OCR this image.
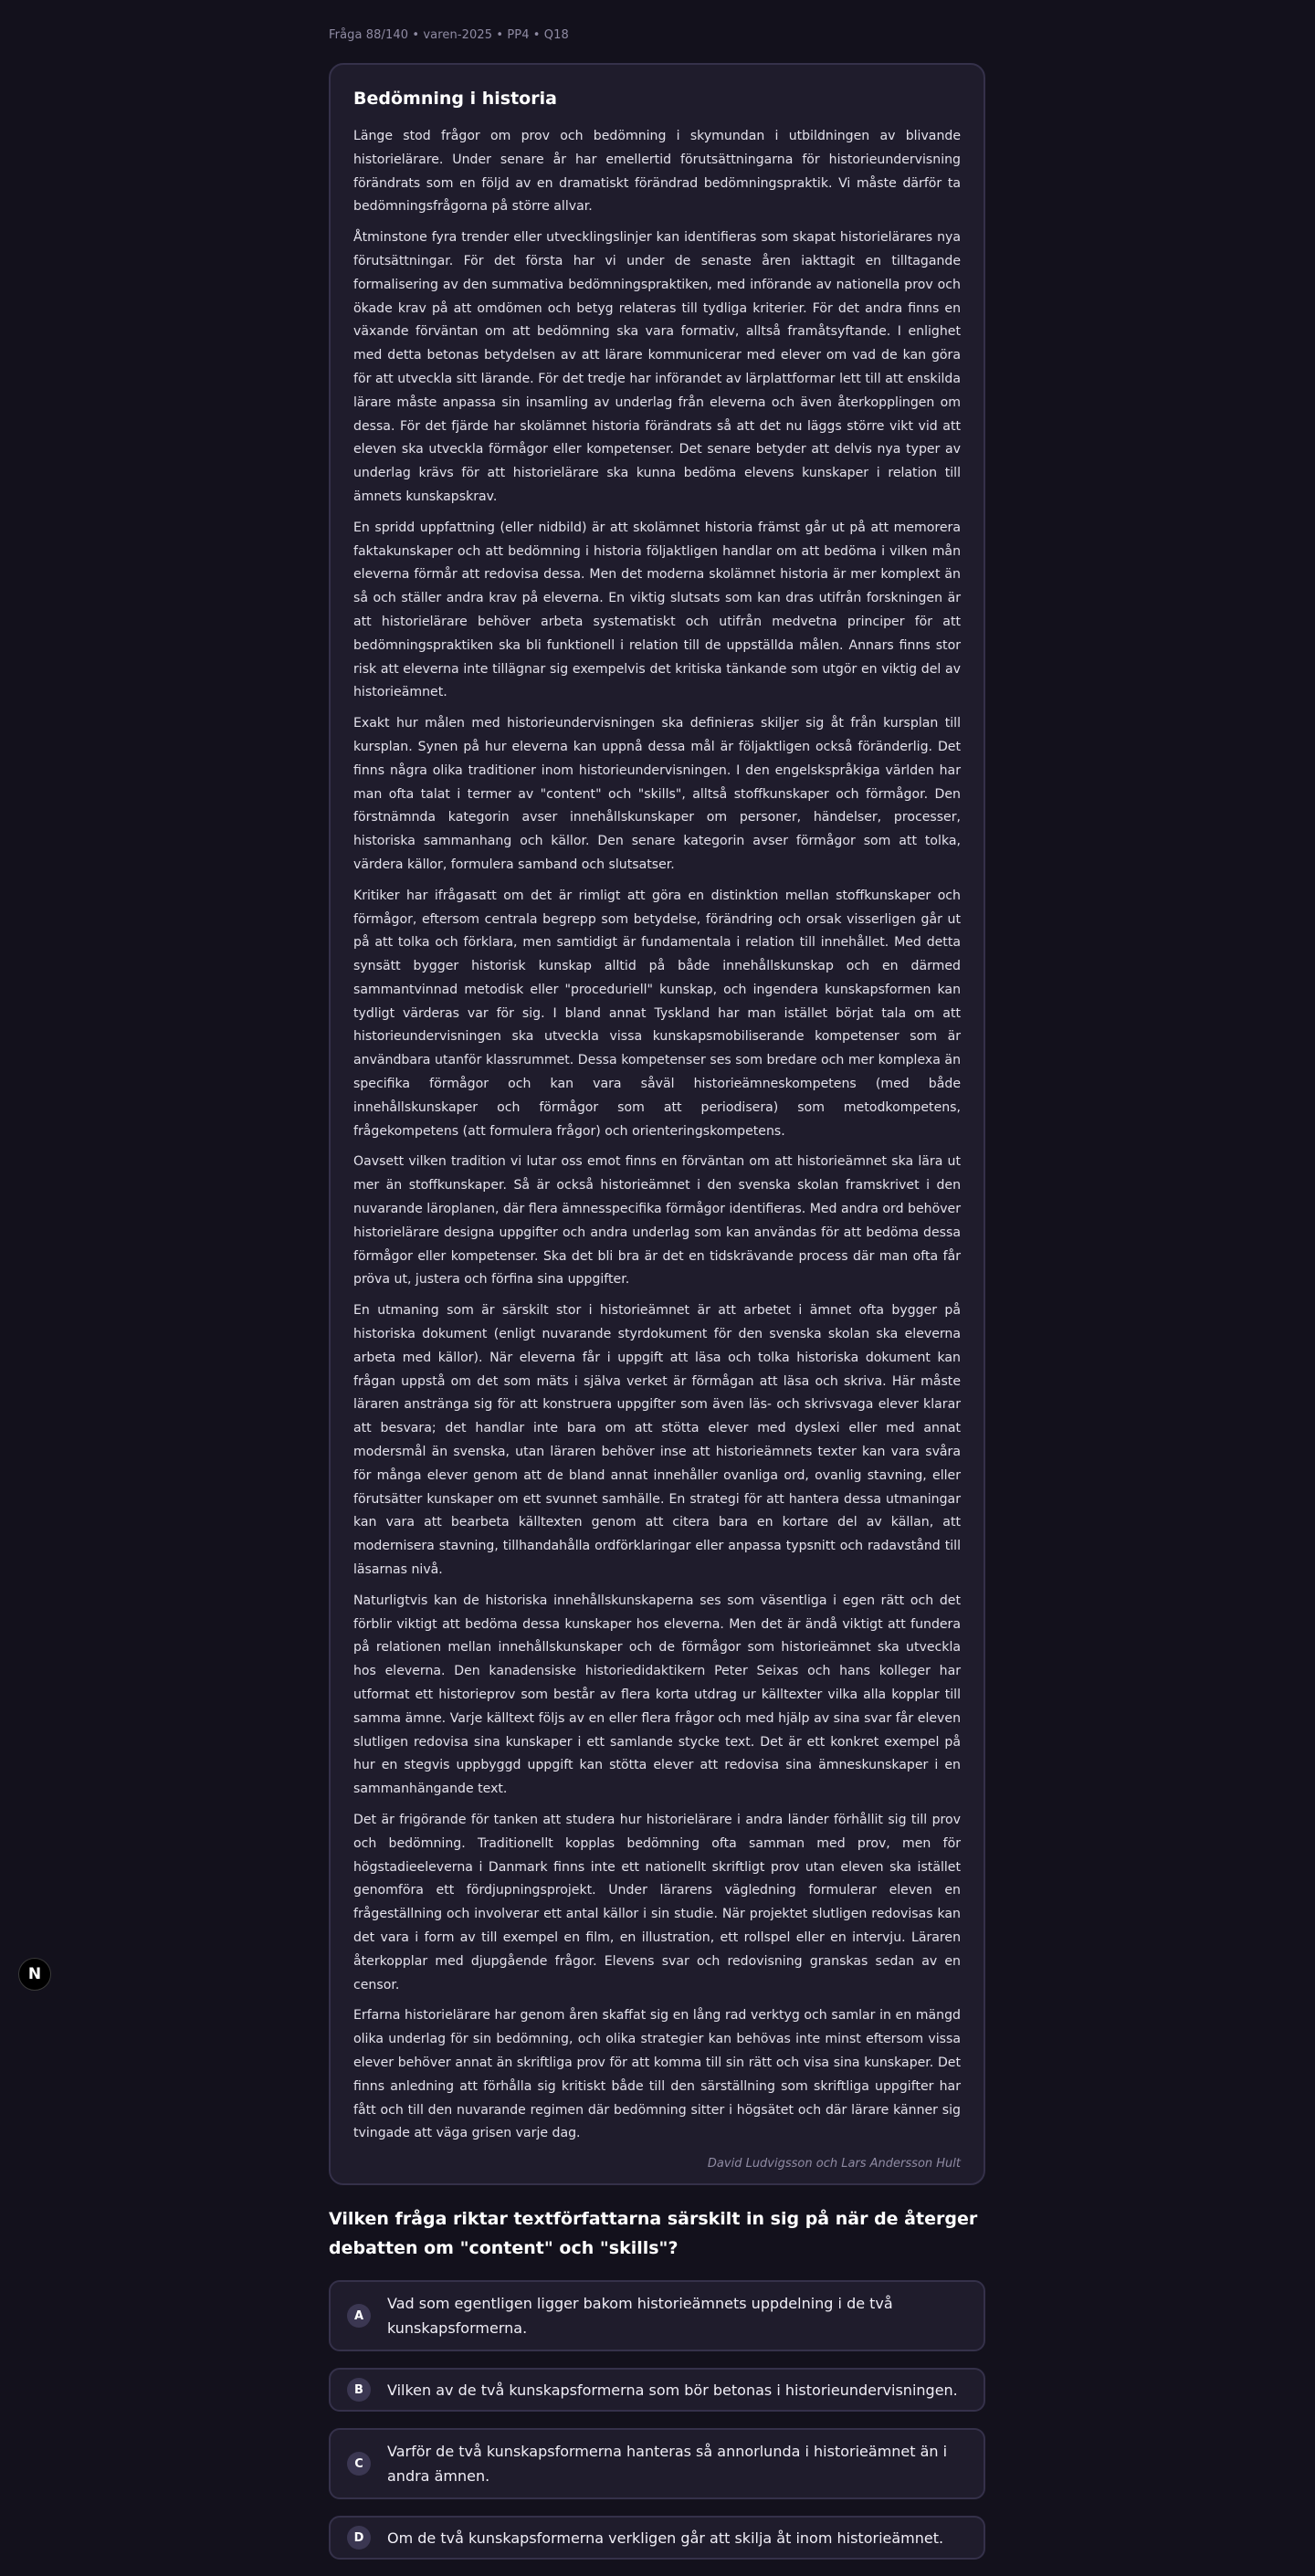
Fråga 88/140 • varen-2025 • PP4 • Q18
Bedömning i historia

Länge stod frågor om prov och bedömning i skymundan i utbildningen av blivande historielärare. Under senare år har emellertid förutsättningarna för historieundervisning förändrats som en följd av en dramatiskt förändrad bedömningspraktik. Vi måste därför ta bedömningsfrågorna på större allvar.

Åtminstone fyra trender eller utvecklingslinjer kan identifieras som skapat historielärares nya förutsättningar. För det första har vi under de senaste åren iakttagit en tilltagande formalisering av den summativa bedömningspraktiken, med införande av nationella prov och ökade krav på att omdömen och betyg relateras till tydliga kriterier. För det andra finns en växande förväntan om att bedömning ska vara formativ, alltså framåtsyftande. I enlighet med detta betonas betydelsen av att lärare kommunicerar med elever om vad de kan göra för att utveckla sitt lärande. För det tredje har införandet av lärplattformar lett till att enskilda lärare måste anpassa sin insamling av underlag från eleverna och även återkopplingen om dessa. För det fjärde har skolämnet historia förändrats så att det nu läggs större vikt vid att eleven ska utveckla förmågor eller kompetenser. Det senare betyder att delvis nya typer av underlag krävs för att historielärare ska kunna bedöma elevens kunskaper i relation till ämnets kunskapskrav.

En spridd uppfattning (eller nidbild) är att skolämnet historia främst går ut på att memorera faktakunskaper och att bedömning i historia följaktligen handlar om att bedöma i vilken mån eleverna förmår att redovisa dessa. Men det moderna skolämnet historia är mer komplext än så och ställer andra krav på eleverna. En viktig slutsats som kan dras utifrån forskningen är att historielärare behöver arbeta systematiskt och utifrån medvetna principer för att bedömningspraktiken ska bli funktionell i relation till de uppställda målen. Annars finns stor risk att eleverna inte tillägnar sig exempelvis det kritiska tänkande som utgör en viktig del av historieämnet.

Exakt hur målen med historieundervisningen ska definieras skiljer sig åt från kursplan till kursplan. Synen på hur eleverna kan uppnå dessa mål är följaktligen också föränderlig. Det finns några olika traditioner inom historieundervisningen. I den engelskspråkiga världen har man ofta talat i termer av "content" och "skills", alltså stoffkunskaper och förmågor. Den förstnämnda kategorin avser innehållskunskaper om personer, händelser, processer, historiska sammanhang och källor. Den senare kategorin avser förmågor som att tolka, värdera källor, formulera samband och slutsatser.

Kritiker har ifrågasatt om det är rimligt att göra en distinktion mellan stoffkunskaper och förmågor, eftersom centrala begrepp som betydelse, förändring och orsak visserligen går ut på att tolka och förklara, men samtidigt är fundamentala i relation till innehållet. Med detta synsätt bygger historisk kunskap alltid på både innehållskunskap och en därmed sammantvinnad metodisk eller "proceduriell" kunskap, och ingendera kunskapsformen kan tydligt värderas var för sig. I bland annat Tyskland har man istället börjat tala om att historieundervisningen ska utveckla vissa kunskapsmobiliserande kompetenser som är användbara utanför klassrummet. Dessa kompetenser ses som bredare och mer komplexa än specifika förmågor och kan vara såväl historieämneskompetens (med både innehållskunskaper och förmågor som att periodisera) som metodkompetens, frågekompetens (att formulera frågor) och orienteringskompetens.

Oavsett vilken tradition vi lutar oss emot finns en förväntan om att historieämnet ska lära ut mer än stoffkunskaper. Så är också historieämnet i den svenska skolan framskrivet i den nuvarande läroplanen, där flera ämnesspecifika förmågor identifieras. Med andra ord behöver historielärare designa uppgifter och andra underlag som kan användas för att bedöma dessa förmågor eller kompetenser. Ska det bli bra är det en tidskrävande process där man ofta får pröva ut, justera och förfina sina uppgifter.

En utmaning som är särskilt stor i historieämnet är att arbetet i ämnet ofta bygger på historiska dokument (enligt nuvarande styrdokument för den svenska skolan ska eleverna arbeta med källor). När eleverna får i uppgift att läsa och tolka historiska dokument kan frågan uppstå om det som mäts i själva verket är förmågan att läsa och skriva. Här måste läraren anstränga sig för att konstruera uppgifter som även läs- och skrivsvaga elever klarar att besvara; det handlar inte bara om att stötta elever med dyslexi eller med annat modersmål än svenska, utan läraren behöver inse att historieämnets texter kan vara svåra för många elever genom att de bland annat innehåller ovanliga ord, ovanlig stavning, eller förutsätter kunskaper om ett svunnet samhälle. En strategi för att hantera dessa utmaningar kan vara att bearbeta källtexten genom att citera bara en kortare del av källan, att modernisera stavning, tillhandahålla ordförklaringar eller anpassa typsnitt och radavstånd till läsarnas nivå.

Naturligtvis kan de historiska innehållskunskaperna ses som väsentliga i egen rätt och det förblir viktigt att bedöma dessa kunskaper hos eleverna. Men det är ändå viktigt att fundera på relationen mellan innehållskunskaper och de förmågor som historieämnet ska utveckla hos eleverna. Den kanadensiske historiedidaktikern Peter Seixas och hans kolleger har utformat ett historieprov som består av flera korta utdrag ur källtexter vilka alla kopplar till samma ämne. Varje källtext följs av en eller flera frågor och med hjälp av sina svar får eleven slutligen redovisa sina kunskaper i ett samlande stycke text. Det är ett konkret exempel på hur en stegvis uppbyggd uppgift kan stötta elever att redovisa sina ämneskunskaper i en sammanhängande text.

Det är frigörande för tanken att studera hur historielärare i andra länder förhållit sig till prov och bedömning. Traditionellt kopplas bedömning ofta samman med prov, men för högstadieeleverna i Danmark finns inte ett nationellt skriftligt prov utan eleven ska istället genomföra ett fördjupningsprojekt. Under lärarens vägledning formulerar eleven en frågeställning och involverar ett antal källor i sin studie. När projektet slutligen redovisas kan det vara i form av till exempel en film, en illustration, ett rollspel eller en intervju. Läraren återkopplar med djupgående frågor. Elevens svar och redovisning granskas sedan av en censor.

Erfarna historielärare har genom åren skaffat sig en lång rad verktyg och samlar in en mängd olika underlag för sin bedömning, och olika strategier kan behövas inte minst eftersom vissa elever behöver annat än skriftliga prov för att komma till sin rätt och visa sina kunskaper. Det finns anledning att förhålla sig kritiskt både till den särställning som skriftliga uppgifter har fått och till den nuvarande regimen där bedömning sitter i högsätet och där lärare känner sig tvingade att väga grisen varje dag.

David Ludvigsson och Lars Andersson Hult
Vilken fråga riktar textförfattarna särskilt in sig på när de återger debatten om "content" och "skills"?
A
Vad som egentligen ligger bakom historieämnets uppdelning i de två kunskapsformerna.
B	Vilken av de två kunskapsformerna som bör betonas i historieundervisningen.
C
Varför de två kunskapsformerna hanteras så annorlunda i historieämnet än i andra ämnen.
D	Om de två kunskapsformerna verkligen går att skilja åt inom historieämnet.
N
